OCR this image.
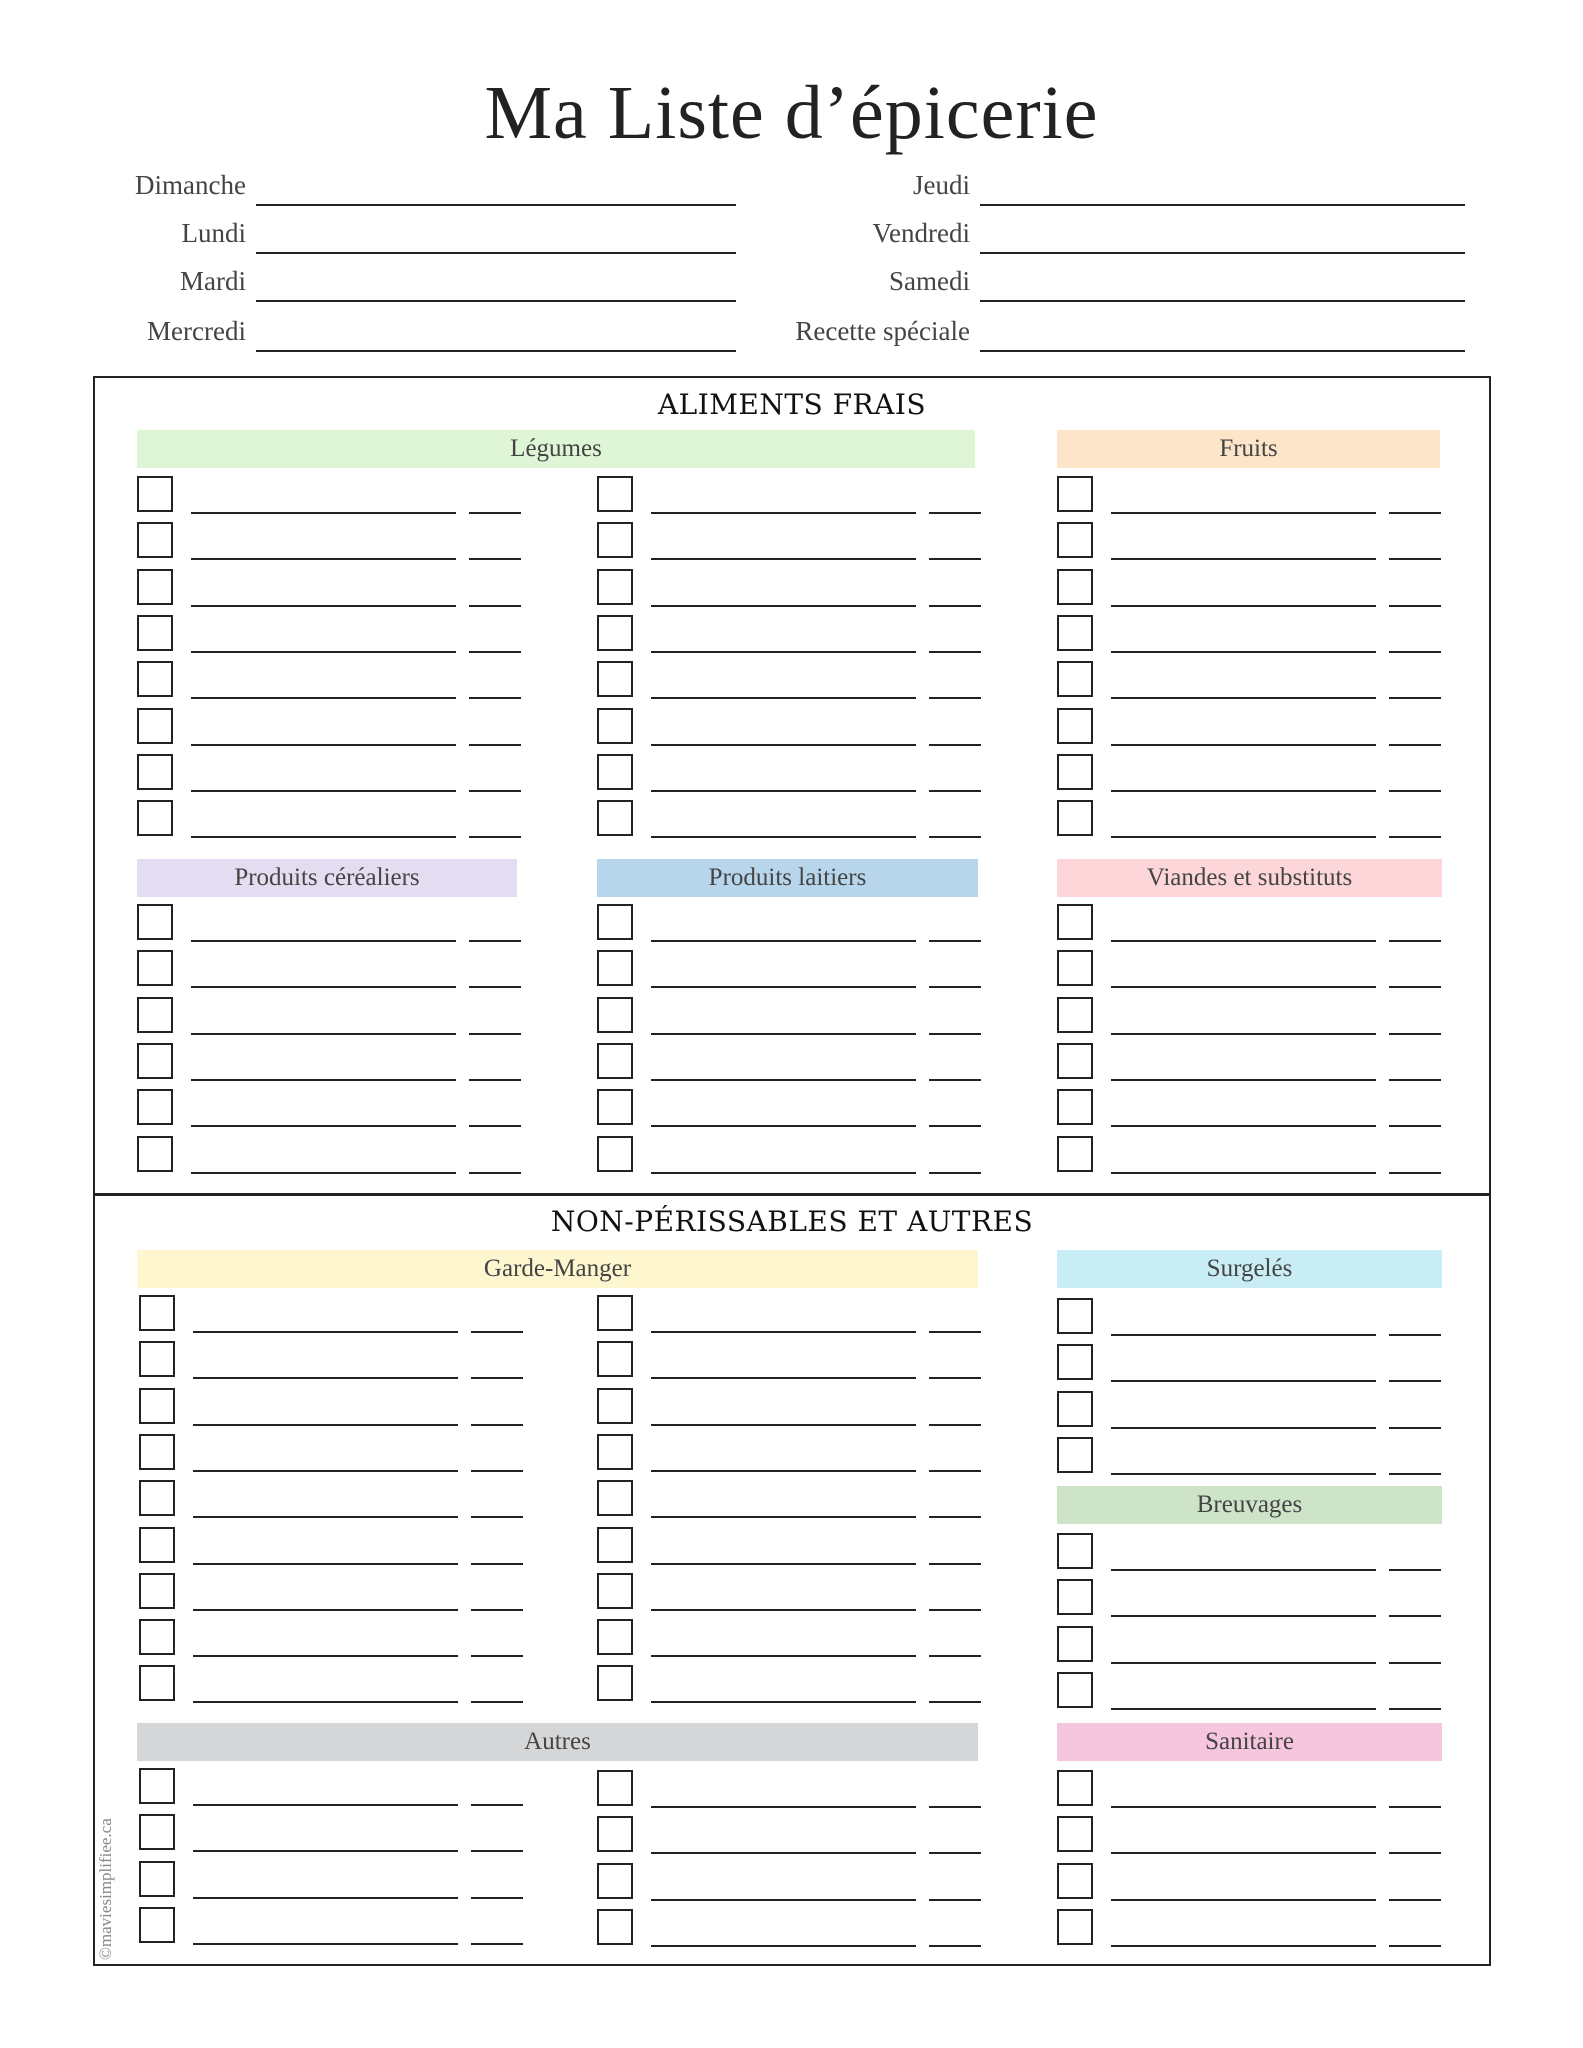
Ma Liste d’épicerie
Dimanche
Lundi
Mardi
Mercredi
Jeudi
Vendredi
Samedi
Recette spéciale
ALIMENTS FRAIS
NON-PÉRISSABLES ET AUTRES
Légumes	Fruits
Produits céréaliers	Produits laitiers	Viandes et substituts
Garde-Manger	Surgelés
Breuvages
Autres	Sanitaire
©maviesimplifiee.ca
